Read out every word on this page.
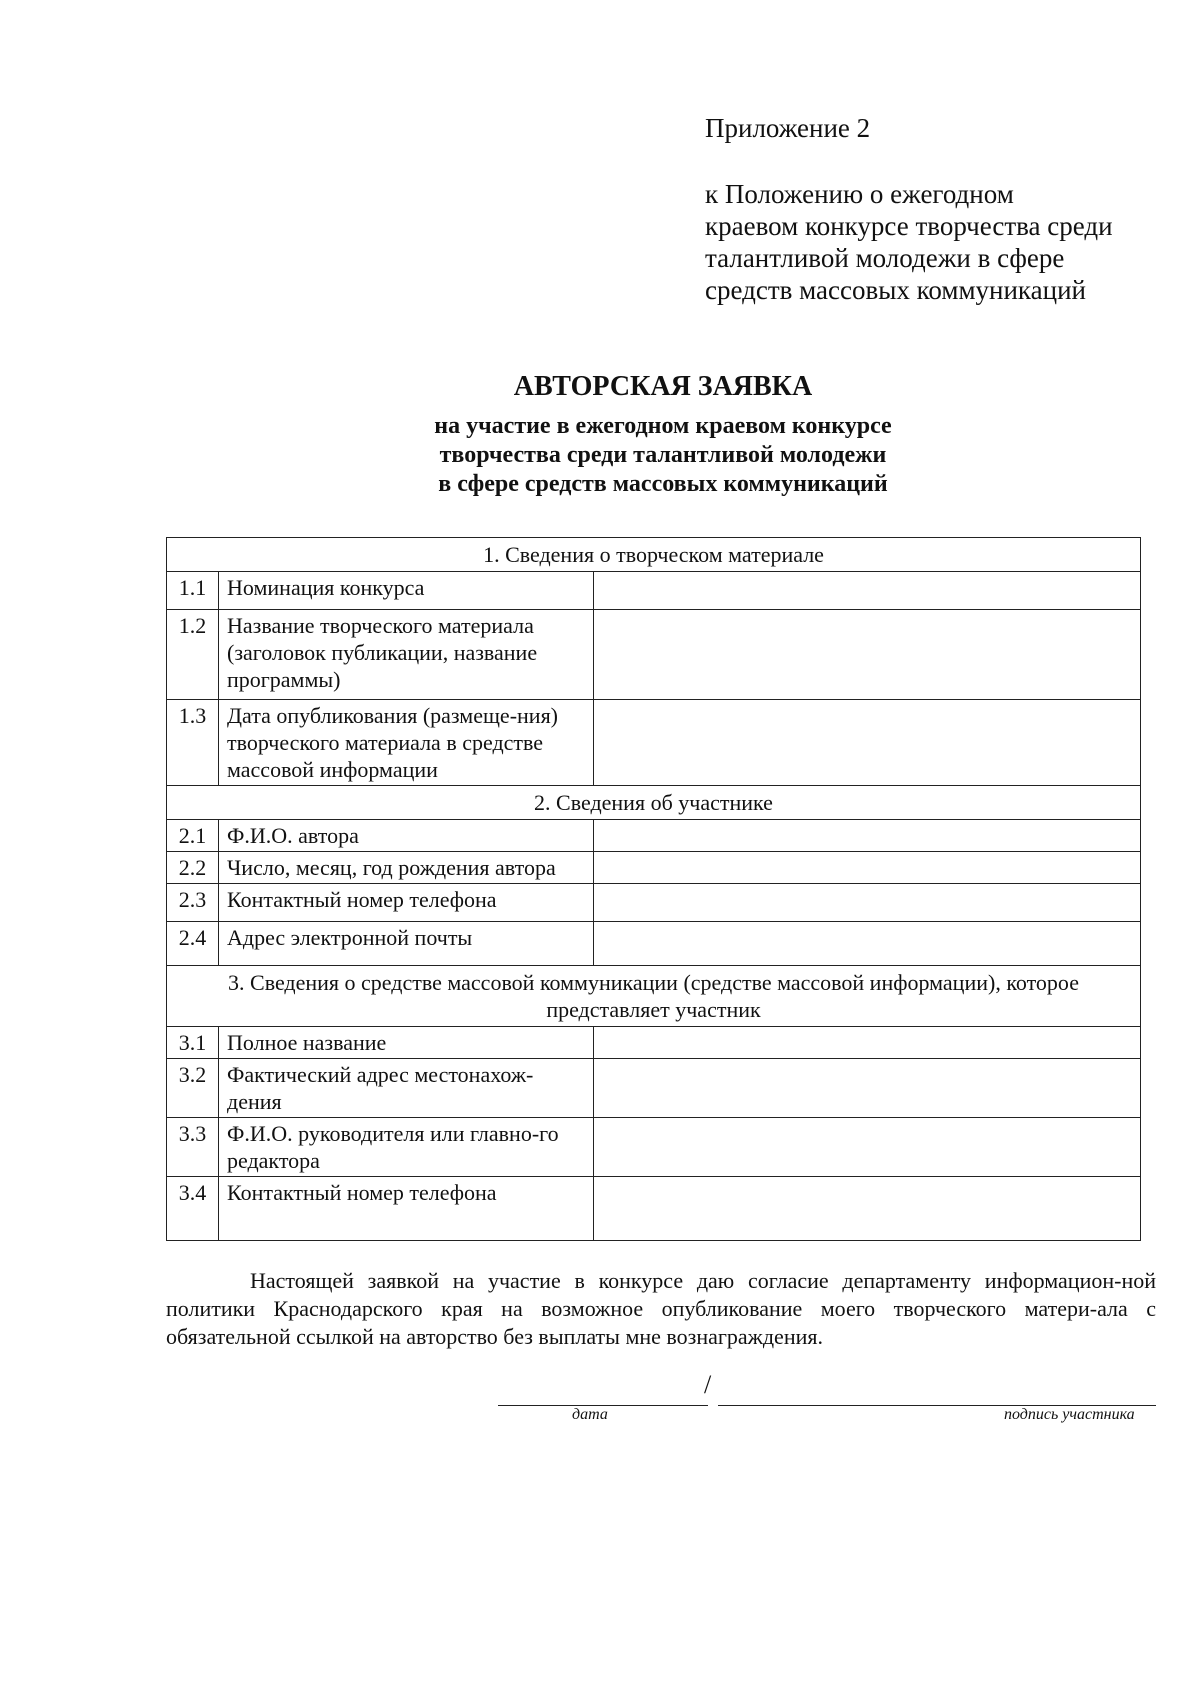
Приложение 2
к Положению о ежегодном
краевом конкурсе творчества среди
талантливой молодежи в сфере
средств массовых коммуникаций
АВТОРСКАЯ ЗАЯВКА
на участие в ежегодном краевом конкурсе
творчества среди талантливой молодежи
в сфере средств массовых коммуникаций
1. Сведения о творческом материале		
1.1	Номинация конкурса	
1.2	Название творческого материала (заголовок публикации, название программы)	
1.3	Дата опубликования (размеще-ния) творческого материала в средстве массовой информации	
2. Сведения об участнике		
2.1	Ф.И.О. автора	
2.2	Число, месяц, год рождения автора	
2.3	Контактный номер телефона	
2.4	Адрес электронной почты	
3. Сведения о средстве массовой коммуникации (средстве массовой информации), которое представляет участник		
3.1	Полное название	
3.2	Фактический адрес местонахож-дения	
3.3	Ф.И.О. руководителя или главно-го редактора	
3.4	Контактный номер телефона	
Настоящей заявкой на участие в конкурсе даю согласие департаменту информацион-ной политики Краснодарского края на возможное опубликование моего творческого матери-ала с обязательной ссылкой на авторство без выплаты мне вознаграждения.
/
дата	подпись участника
